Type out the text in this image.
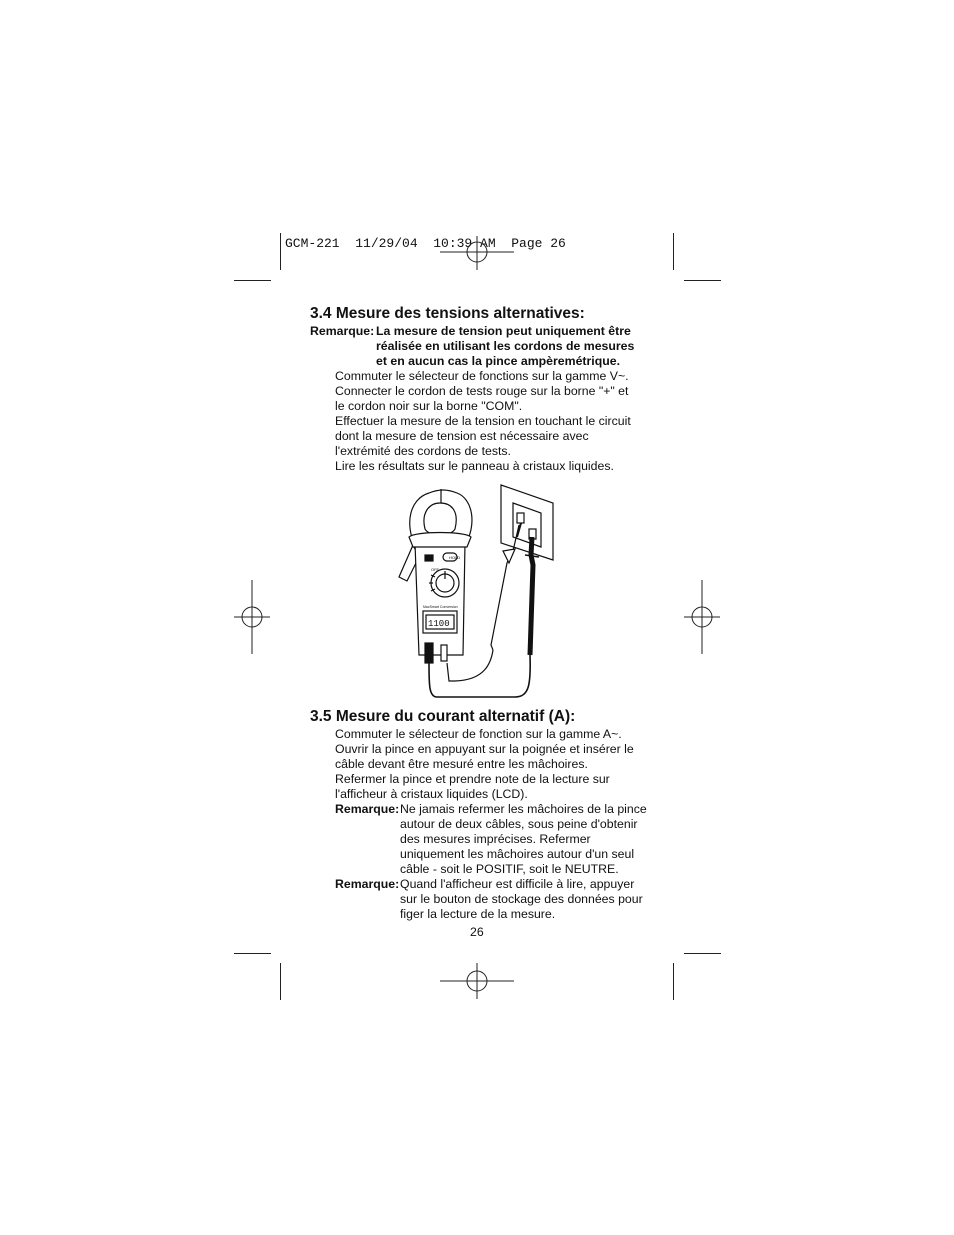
GCM-221  11/29/04  10:39 AM  Page 26
3.4 Mesure des tensions alternatives:
Remarque: La mesure de tension peut uniquement être
réalisée en utilisant les cordons de mesures
et en aucun cas la pince ampèremétrique.
Commuter le sélecteur de fonctions sur la gamme V~.
Connecter le cordon de tests rouge sur la borne "+" et
le cordon noir sur la borne "COM".
Effectuer la mesure de la tension en touchant le circuit
dont la mesure de tension est nécessaire avec
l'extrémité des cordons de tests.
Lire les résultats sur le panneau à cristaux liquides.
HOLD
OFF
MacSmart Conversion
1100
3.5 Mesure du courant alternatif (A):
Commuter le sélecteur de fonction sur la gamme A~.
Ouvrir la pince en appuyant sur la poignée et insérer le
câble devant être mesuré entre les mâchoires.
Refermer la pince et prendre note de la lecture sur
l'afficheur à cristaux liquides (LCD).
Remarque: Ne jamais refermer les mâchoires de la pince
autour de deux câbles, sous peine d'obtenir
des mesures imprécises. Refermer
uniquement les mâchoires autour d'un seul
câble - soit le POSITIF, soit le NEUTRE.
Remarque: Quand l'afficheur est difficile à lire, appuyer
sur le bouton de stockage des données pour
figer la lecture de la mesure.
26
